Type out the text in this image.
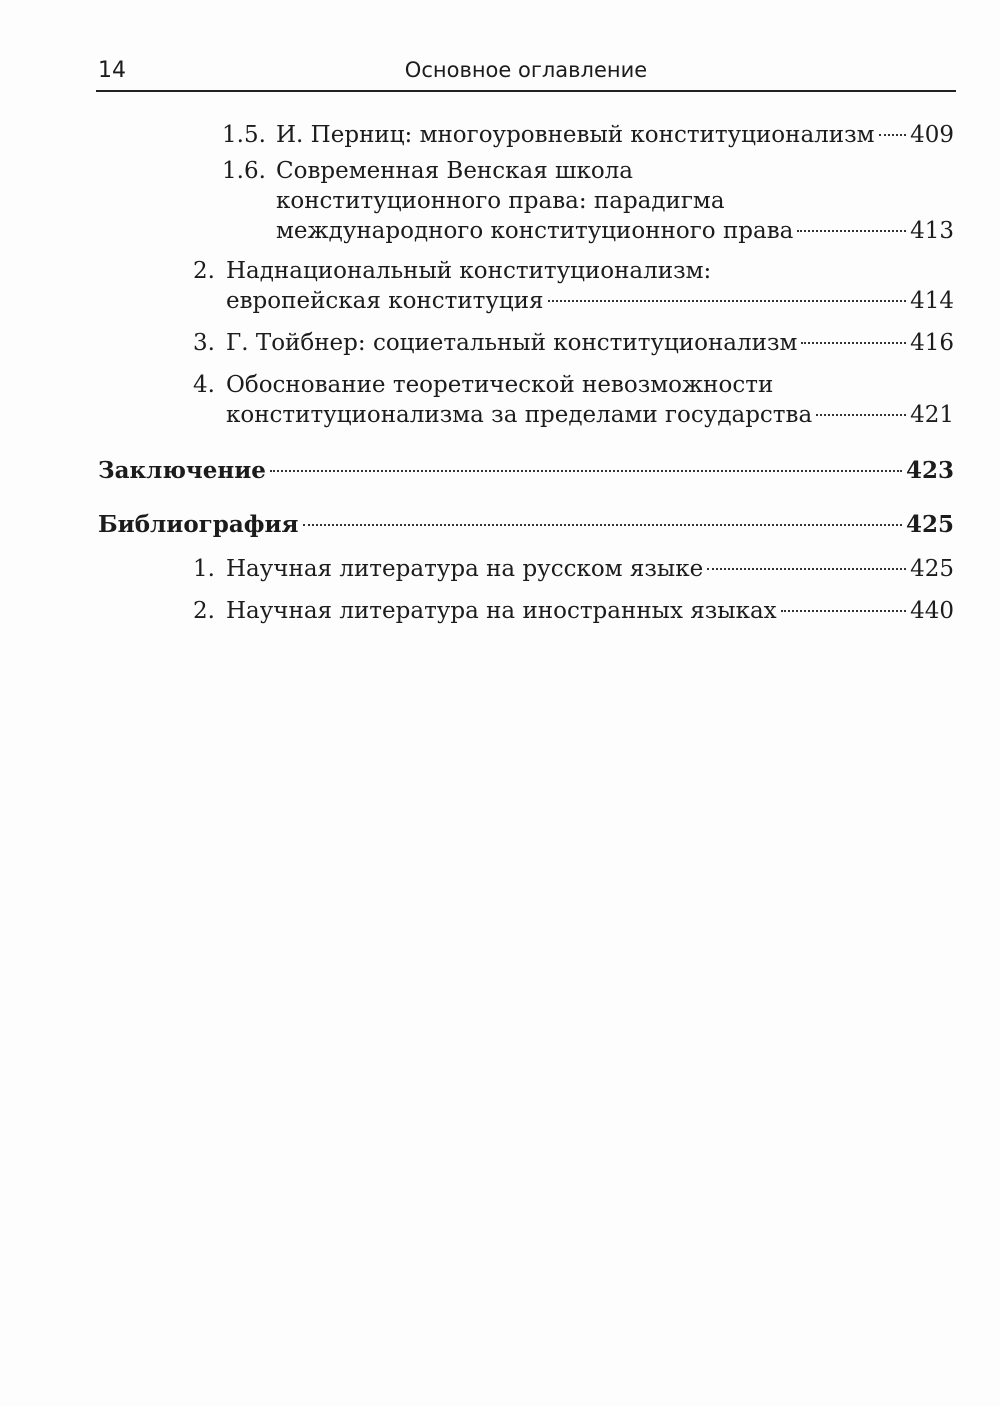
14	Основное оглавление
1.5. И. Перниц: многоуровневый конституционализм 409
1.6. Современная Венская школа
конституционного права: парадигма
международного конституционного права	413
2. Наднациональный конституционализм:
европейская конституция	414
3. Г. Тойбнер: социетальный конституционализм	416
4. Обоснование теоретической невозможности
конституционализма за пределами государства	421
Заключение	423
Библиография	425
1. Научная литература на русском языке	425
2. Научная литература на иностранных языках	440
